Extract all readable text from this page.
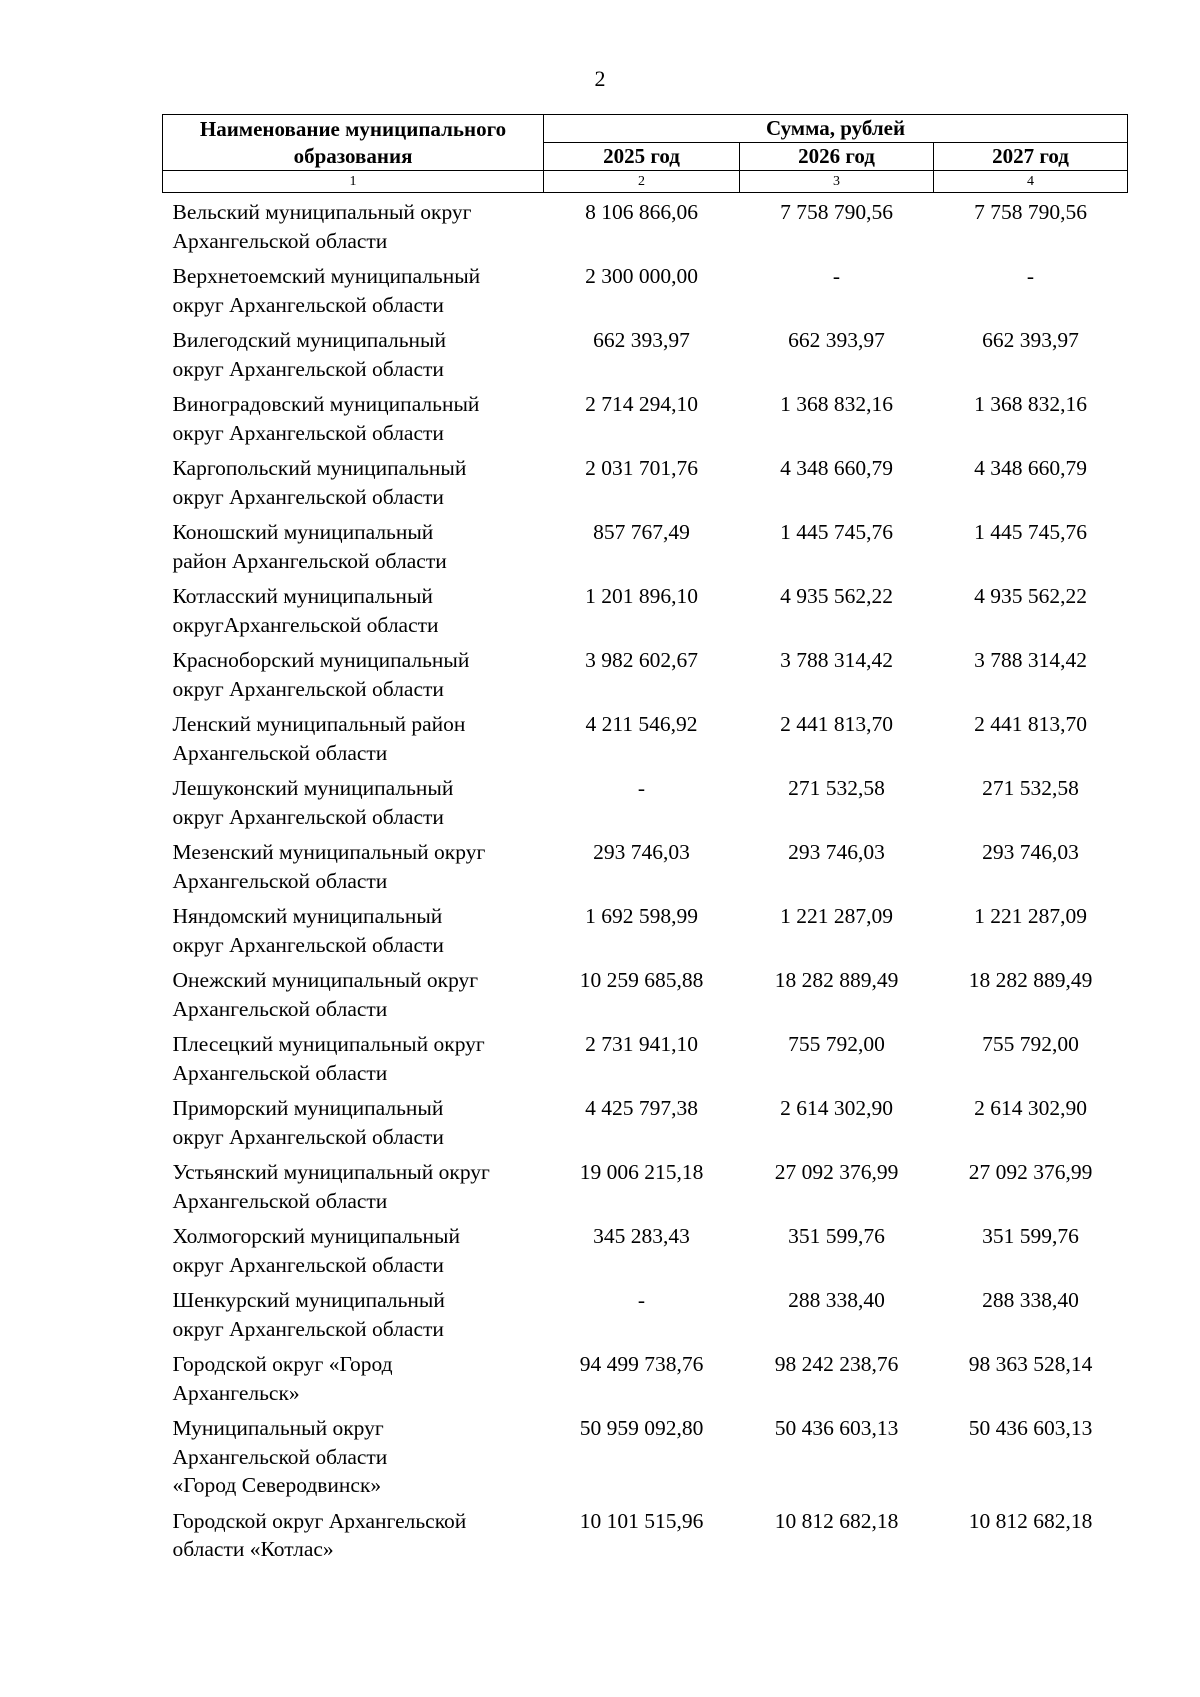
2
Наименование муниципального образования	Сумма, рублей		
	2025 год	2026 год	2027 год
1	2	3	4
Вельский муниципальный округ
Архангельской области	8 106 866,06	7 758 790,56	7 758 790,56
Верхнетоемский муниципальный
округ Архангельской области	2 300 000,00	-	-
Вилегодский муниципальный
округ Архангельской области	662 393,97	662 393,97	662 393,97
Виноградовский муниципальный
округ Архангельской области	2 714 294,10	1 368 832,16	1 368 832,16
Каргопольский муниципальный
округ Архангельской области	2 031 701,76	4 348 660,79	4 348 660,79
Коношский муниципальный
район Архангельской области	857 767,49	1 445 745,76	1 445 745,76
Котласский муниципальный
округАрхангельской области	1 201 896,10	4 935 562,22	4 935 562,22
Красноборский муниципальный
округ Архангельской области	3 982 602,67	3 788 314,42	3 788 314,42
Ленский муниципальный район
Архангельской области	4 211 546,92	2 441 813,70	2 441 813,70
Лешуконский муниципальный
округ Архангельской области	-	271 532,58	271 532,58
Мезенский муниципальный округ
Архангельской области	293 746,03	293 746,03	293 746,03
Няндомский муниципальный
округ Архангельской области	1 692 598,99	1 221 287,09	1 221 287,09
Онежский муниципальный округ
Архангельской области	10 259 685,88	18 282 889,49	18 282 889,49
Плесецкий муниципальный округ
Архангельской области	2 731 941,10	755 792,00	755 792,00
Приморский муниципальный
округ Архангельской области	4 425 797,38	2 614 302,90	2 614 302,90
Устьянский муниципальный округ
Архангельской области	19 006 215,18	27 092 376,99	27 092 376,99
Холмогорский муниципальный
округ Архангельской области	345 283,43	351 599,76	351 599,76
Шенкурский муниципальный
округ Архангельской области	-	288 338,40	288 338,40
Городской округ «Город
Архангельск»	94 499 738,76	98 242 238,76	98 363 528,14
Муниципальный округ
Архангельской области
«Город Северодвинск»	50 959 092,80	50 436 603,13	50 436 603,13
Городской округ Архангельской
области «Котлас»	10 101 515,96	10 812 682,18	10 812 682,18
